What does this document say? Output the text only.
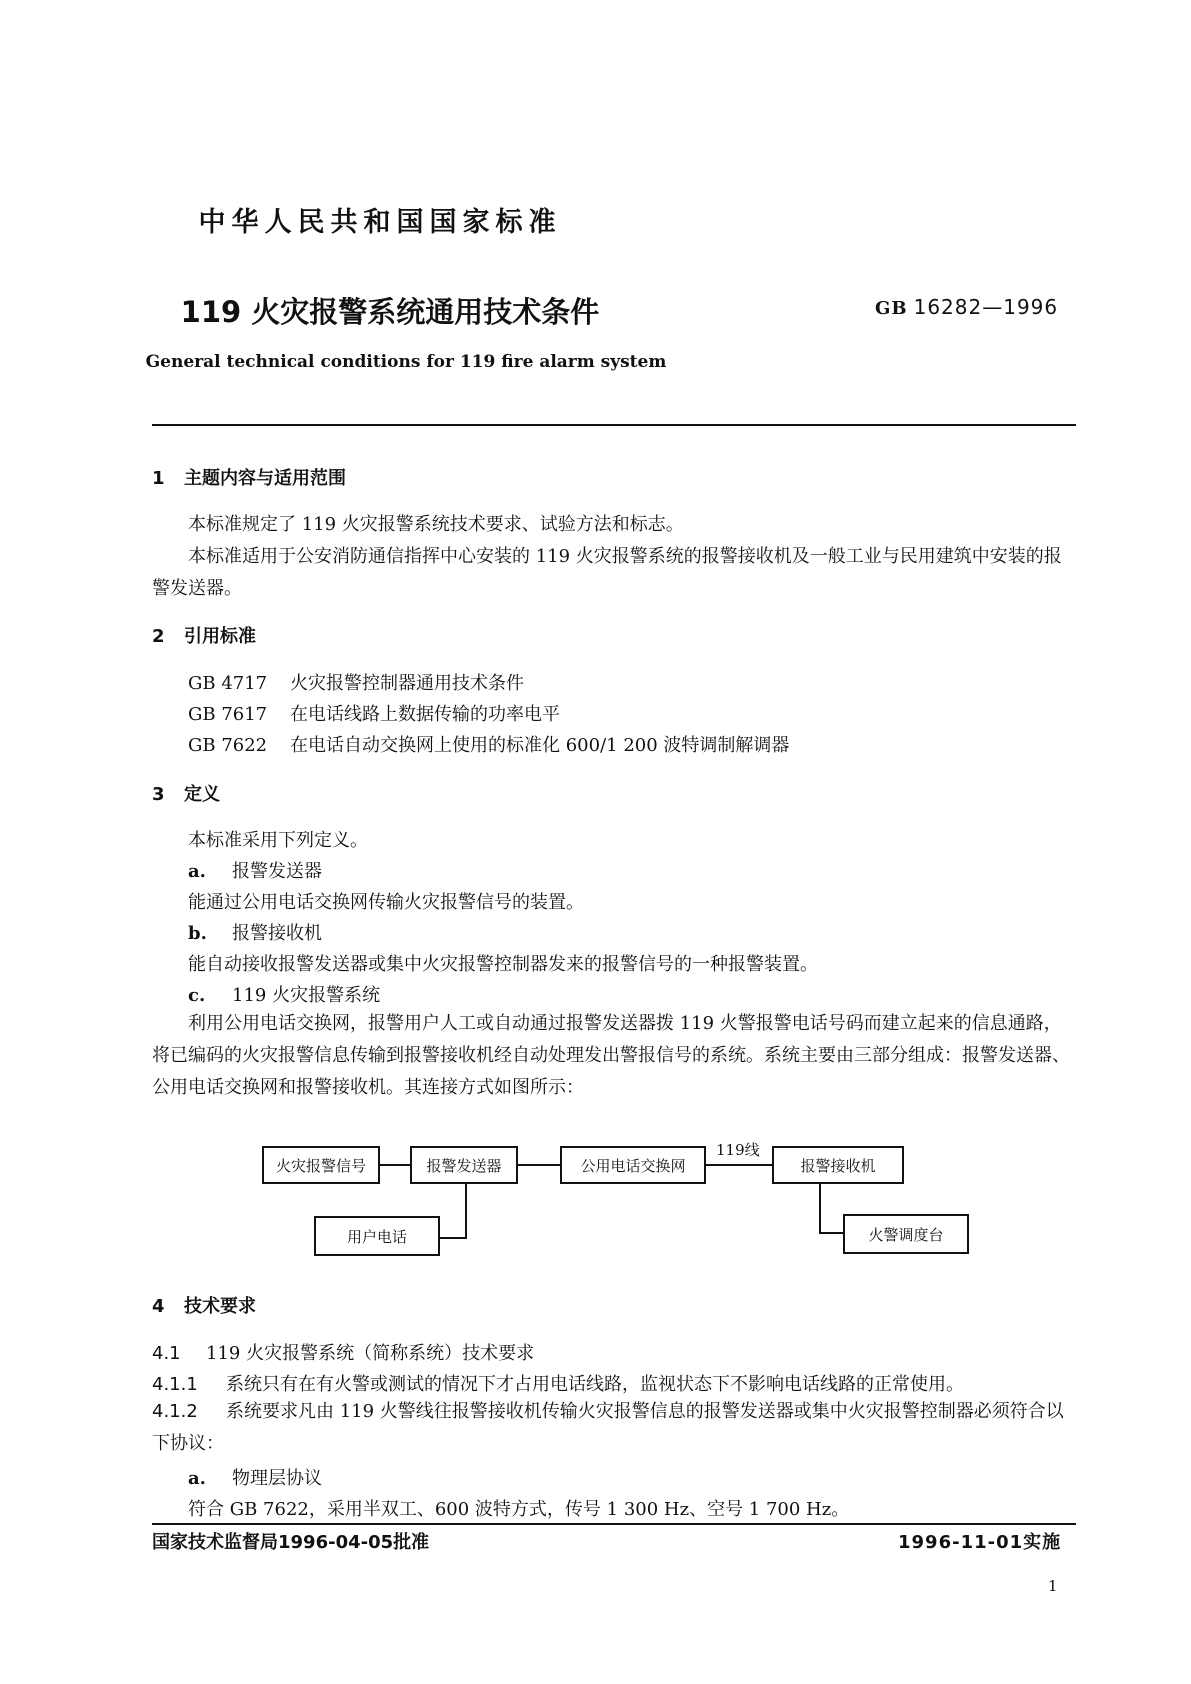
中华人民共和国国家标准
119 火灾报警系统通用技术条件	GB 16282—1996
General technical conditions for 119 fire alarm system
1 主题内容与适用范围
本标准规定了 119 火灾报警系统技术要求、试验方法和标志。
本标准适用于公安消防通信指挥中心安装的 119 火灾报警系统的报警接收机及一般工业与民用建筑中安装的报警发送器。
2 引用标准
GB 4717 火灾报警控制器通用技术条件
GB 7617 在电话线路上数据传输的功率电平
GB 7622 在电话自动交换网上使用的标准化 600/1 200 波特调制解调器
3 定义
本标准采用下列定义。
a. 报警发送器
能通过公用电话交换网传输火灾报警信号的装置。
b. 报警接收机
能自动接收报警发送器或集中火灾报警控制器发来的报警信号的一种报警装置。
c. 119 火灾报警系统
利用公用电话交换网，报警用户人工或自动通过报警发送器拨 119 火警报警电话号码而建立起来的信息通路，将已编码的火灾报警信息传输到报警接收机经自动处理发出警报信号的系统。系统主要由三部分组成：报警发送器、公用电话交换网和报警接收机。其连接方式如图所示：
火灾报警信号	报警发送器	公用电话交换网
119线
报警接收机
用户电话	火警调度台
4 技术要求
4.1 119 火灾报警系统（简称系统）技术要求
4.1.1 系统只有在有火警或测试的情况下才占用电话线路，监视状态下不影响电话线路的正常使用。
4.1.2 系统要求凡由 119 火警线往报警接收机传输火灾报警信息的报警发送器或集中火灾报警控制器必须符合以下协议：
a. 物理层协议
符合 GB 7622，采用半双工、600 波特方式，传号 1 300 Hz、空号 1 700 Hz。
国家技术监督局1996-04-05批准	1996-11-01实施
1
